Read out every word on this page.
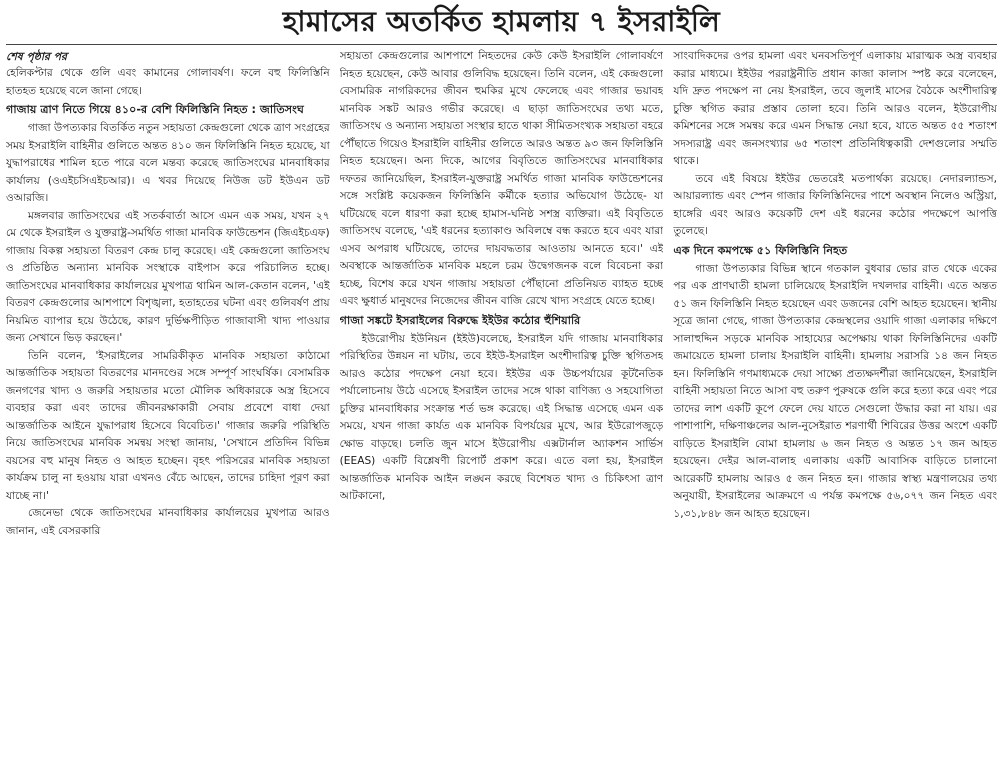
হামাসের অতর্কিত হামলায় ৭ ইসরাইলি
শেষ পৃষ্ঠার পর

হেলিকপ্টার থেকে গুলি এবং কামানের গোলাবর্ষণ। ফলে বহু ফিলিস্তিনি হাতহত হয়েছে বলে জানা গেছে।

গাজায় ত্রাণ নিতে গিয়ে ৪১০-র বেশি ফিলিস্তিনি নিহত : জাতিসংঘ

গাজা উপত্যকার বিতর্কিত নতুন সহায়তা কেন্দ্রগুলো থেকে ত্রাণ সংগ্রহের সময় ইসরাইলি বাহিনীর গুলিতে অন্তত ৪১০ জন ফিলিস্তিনি নিহত হয়েছে, যা যুদ্ধাপরাধের শামিল হতে পারে বলে মন্তব্য করেছে জাতিসংঘের মানবাধিকার কার্যালয় (ওএইচসিএইচআর)। এ খবর দিয়েছে নিউজ ডট ইউএন ডট ওআরজি।

মঙ্গলবার জাতিসংঘের এই সতর্কবার্তা আসে এমন এক সময়, যখন ২৭ মে থেকে ইসরাইল ও যুক্তরাষ্ট্র-সমর্থিত গাজা মানবিক ফাউন্ডেশন (জিএইচএফ) গাজায় বিকল্প সহায়তা বিতরণ কেন্দ্র চালু করেছে। এই কেন্দ্রগুলো জাতিসংঘ ও প্রতিষ্ঠিত অন্যান্য মানবিক সংস্থাকে বাইপাস করে পরিচালিত হচ্ছে। জাতিসংঘের মানবাধিকার কার্যালয়ের মুখপাত্র থামিন আল-কেতান বলেন, 'এই বিতরণ কেন্দ্রগুলোর আশপাশে বিশৃঙ্খলা, হতাহতের ঘটনা এবং গুলিবর্ষণ প্রায় নিয়মিত ব্যাপার হয়ে উঠেছে, কারণ দুর্ভিক্ষপীড়িত গাজাবাসী খাদ্য পাওয়ার জন্য সেখানে ভিড় করছেন।'

তিনি বলেন, 'ইসরাইলের সামরিকীকৃত মানবিক সহায়তা কাঠামো আন্তর্জাতিক সহায়তা বিতরণের মানদণ্ডের সঙ্গে সম্পূর্ণ সাংঘর্ষিক। বেসামরিক জনগণের খাদ্য ও জরুরি সহায়তার মতো মৌলিক অধিকারকে অস্ত্র হিসেবে ব্যবহার করা এবং তাদের জীবনরক্ষাকারী সেবায় প্রবেশে বাধা দেয়া আন্তর্জাতিক আইনে যুদ্ধাপরাধ হিসেবে বিবেচিত।' গাজার জরুরি পরিস্থিতি নিয়ে জাতিসংঘের মানবিক সমন্বয় সংস্থা জানায়, 'সেখানে প্রতিদিন বিভিন্ন বয়সের বহু মানুষ নিহত ও আহত হচ্ছেন। বৃহৎ পরিসরের মানবিক সহায়তা কার্যক্রম চালু না হওয়ায় যারা এখনও বেঁচে আছেন, তাদের চাহিদা পূরণ করা যাচ্ছে না।'

জেনেভা থেকে জাতিসংঘের মানবাধিকার কার্যালয়ের মুখপাত্র আরও জানান, এই বেসরকারি

সহায়তা কেন্দ্রগুলোর আশপাশে নিহতদের কেউ কেউ ইসরাইলি গোলাবর্ষণে নিহত হয়েছেন, কেউ আবার গুলিবিদ্ধ হয়েছেন। তিনি বলেন, এই কেন্দ্রগুলো বেসামরিক নাগরিকদের জীবন হুমকির মুখে ফেলেছে এবং গাজার ভয়াবহ মানবিক সঙ্কট আরও গভীর করেছে। এ ছাড়া জাতিসংঘের তথ্য মতে, জাতিসংঘ ও অন্যান্য সহায়তা সংস্থার হাতে থাকা সীমিতসংখ্যক সহায়তা বহরে পৌঁছাতে গিয়েও ইসরাইলি বাহিনীর গুলিতে আরও অন্তত ৯৩ জন ফিলিস্তিনি নিহত হয়েছেন। অন্য দিকে, আগের বিবৃতিতে জাতিসংঘের মানবাধিকার দফতর জানিয়েছিল, ইসরাইল-যুক্তরাষ্ট্র সমর্থিত গাজা মানবিক ফাউন্ডেশনের সঙ্গে সংশ্লিষ্ট কয়েকজন ফিলিস্তিনি কর্মীকে হত্যার অভিযোগ উঠেছে- যা ঘটিয়েছে বলে ধারণা করা হচ্ছে হামাস-ঘনিষ্ঠ সশস্ত্র ব্যক্তিরা। এই বিবৃতিতে জাতিসংঘ বলেছে, 'এই ধরনের হত্যাকাণ্ড অবিলম্বে বন্ধ করতে হবে এবং যারা এসব অপরাধ ঘটিয়েছে, তাদের দায়বদ্ধতার আওতায় আনতে হবে।' এই অবস্থাকে আন্তর্জাতিক মানবিক মহলে চরম উদ্বেগজনক বলে বিবেচনা করা হচ্ছে, বিশেষ করে যখন গাজায় সহায়তা পৌঁছানো প্রতিনিয়ত ব্যাহত হচ্ছে এবং ক্ষুধার্ত মানুষদের নিজেদের জীবন বাজি রেখে খাদ্য সংগ্রহে যেতে হচ্ছে।

গাজা সঙ্কটে ইসরাইলের বিরুদ্ধে ইইউর কঠোর হুঁশিয়ারি

ইউরোপীয় ইউনিয়ন (ইইউ)বলেছে, ইসরাইল যদি গাজায় মানবাধিকার পরিস্থিতির উন্নয়ন না ঘটায়, তবে ইইউ-ইসরাইল অংশীদারিত্ব চুক্তি স্থগিতসহ আরও কঠোর পদক্ষেপ নেয়া হবে। ইইউর এক উচ্চপর্যায়ের কূটনৈতিক পর্যালোচনায় উঠে এসেছে ইসরাইল তাদের সঙ্গে থাকা বাণিজ্য ও সহযোগিতা চুক্তির মানবাধিকার সংক্রান্ত শর্ত ভঙ্গ করেছে। এই সিদ্ধান্ত এসেছে এমন এক সময়ে, যখন গাজা কার্যত এক মানবিক বিপর্যয়ের মুখে, আর ইউরোপজুড়ে ক্ষোভ বাড়ছে। চলতি জুন মাসে ইউরোপীয় এক্সটার্নাল অ্যাকশন সার্ভিস (EEAS) একটি বিশ্লেষণী রিপোর্ট প্রকাশ করে। এতে বলা হয়, ইসরাইল আন্তর্জাতিক মানবিক আইন লঙ্ঘন করছে বিশেষত খাদ্য ও চিকিৎসা ত্রাণ আটকানো,

সাংবাদিকদের ওপর হামলা এবং ঘনবসতিপূর্ণ এলাকায় মারাত্মক অস্ত্র ব্যবহার করার মাধ্যমে। ইইউর পররাষ্ট্রনীতি প্রধান কাজা কালাস স্পষ্ট করে বলেছেন, যদি দ্রুত পদক্ষেপ না নেয় ইসরাইল, তবে জুলাই মাসের বৈঠকে অংশীদারিত্ব চুক্তি স্থগিত করার প্রস্তাব তোলা হবে। তিনি আরও বলেন, ইউরোপীয় কমিশনের সঙ্গে সমন্বয় করে এমন সিদ্ধান্ত নেয়া হবে, যাতে অন্তত ৫৫ শতাংশ সদস্যরাষ্ট্র এবং জনসংখ্যার ৬৫ শতাংশ প্রতিনিধিত্বকারী দেশগুলোর সম্মতি থাকে।

তবে এই বিষয়ে ইইউর ভেতরেই মতপার্থক্য রয়েছে। নেদারল্যান্ডস, আয়ারল্যান্ড এবং স্পেন গাজার ফিলিস্তিনিদের পাশে অবস্থান নিলেও অস্ট্রিয়া, হাঙ্গেরি এবং আরও কয়েকটি দেশ এই ধরনের কঠোর পদক্ষেপে আপত্তি তুলেছে।

এক দিনে কমপক্ষে ৫১ ফিলিস্তিনি নিহত

গাজা উপত্যকার বিভিন্ন স্থানে গতকাল বুধবার ভোর রাত থেকে একের পর এক প্রাণঘাতী হামলা চালিয়েছে ইসরাইলি দখলদার বাহিনী। এতে অন্তত ৫১ জন ফিলিস্তিনি নিহত হয়েছেন এবং ডজনের বেশি আহত হয়েছেন। স্থানীয় সূত্রে জানা গেছে, গাজা উপত্যকার কেন্দ্রস্থলের ওয়াদি গাজা এলাকার দক্ষিণে সালাহুদ্দিন সড়কে মানবিক সাহায্যের অপেক্ষায় থাকা ফিলিস্তিনিদের একটি জমায়েতে হামলা চালায় ইসরাইলি বাহিনী। হামলায় সরাসরি ১৪ জন নিহত হন। ফিলিস্তিনি গণমাধ্যমকে দেয়া সাক্ষ্যে প্রত্যক্ষদর্শীরা জানিয়েছেন, ইসরাইলি বাহিনী সহায়তা নিতে আসা বহু তরুণ পুরুষকে গুলি করে হত্যা করে এবং পরে তাদের লাশ একটি কূপে ফেলে দেয় যাতে সেগুলো উদ্ধার করা না যায়। এর পাশাপাশি, দক্ষিণাঞ্চলের আল-নুসেইরাত শরণার্থী শিবিরের উত্তর অংশে একটি বাড়িতে ইসরাইলি বোমা হামলায় ৬ জন নিহত ও অন্তত ১৭ জন আহত হয়েছেন। দেইর আল-বালাহ এলাকায় একটি আবাসিক বাড়িতে চালানো আরেকটি হামলায় আরও ৫ জন নিহত হন। গাজার স্বাস্থ্য মন্ত্রণালয়ের তথ্য অনুযায়ী, ইসরাইলের আক্রমণে এ পর্যন্ত কমপক্ষে ৫৬,০৭৭ জন নিহত এবং ১,৩১,৮৪৮ জন আহত হয়েছেন।
